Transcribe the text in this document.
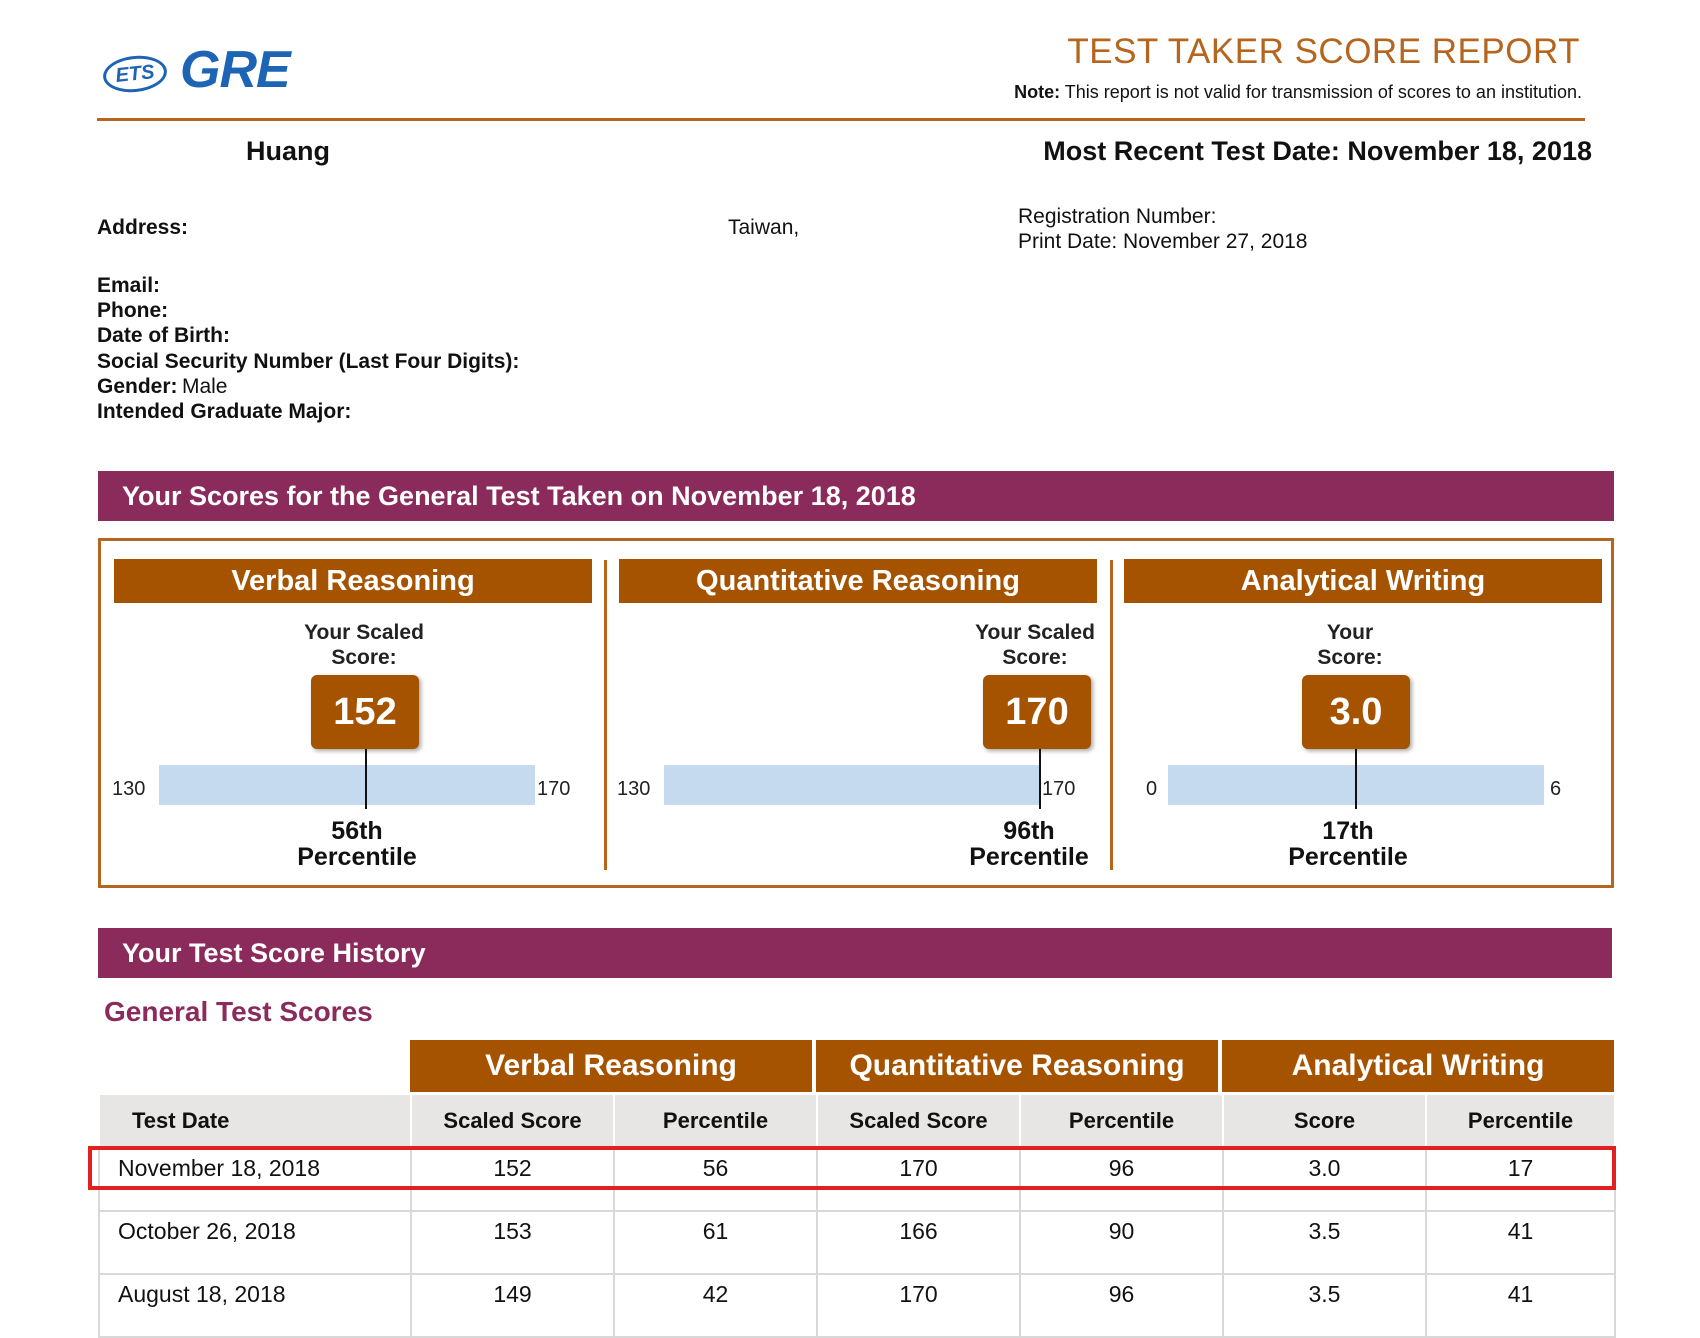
ETS GRE	TEST TAKER SCORE REPORT
Note: This report is not valid for transmission of scores to an institution.
Huang	Most Recent Test Date: November 18, 2018
Address:	Taiwan,	Registration Number:
Print Date: November 27, 2018
Email:
Phone:
Date of Birth:
Social Security Number (Last Four Digits):
Gender: Male
Intended Graduate Major:
Your Scores for the General Test Taken on November 18, 2018
Verbal Reasoning
Your Scaled
Score:
152
130	170
56th
Percentile
Quantitative Reasoning
Your Scaled
Score:
170
130	170
96th
Percentile
Analytical Writing
Your
Score:
3.0
0	6
17th
Percentile
Your Test Score History
General Test Scores
Verbal Reasoning	Quantitative Reasoning	Analytical Writing
Test Date	Scaled Score	Percentile	Scaled Score	Percentile	Score	Percentile
November 18, 2018	152	56	170	96	3.0	17
October 26, 2018	153	61	166	90	3.5	41
August 18, 2018	149	42	170	96	3.5	41
